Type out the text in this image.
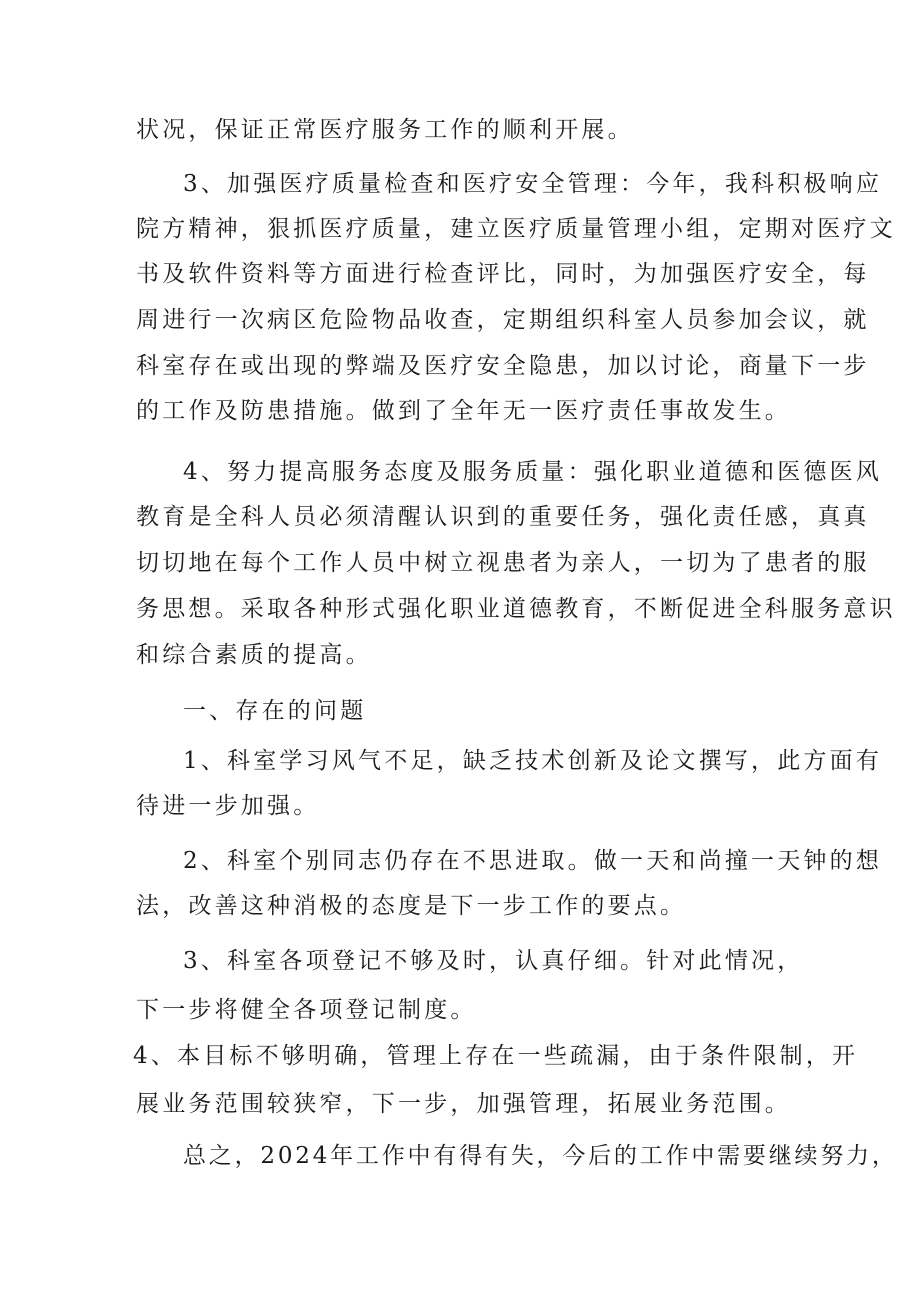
状况，保证正常医疗服务工作的顺利开展。
3、加强医疗质量检查和医疗安全管理：今年，我科积极响应
院方精神，狠抓医疗质量，建立医疗质量管理小组，定期对医疗文
书及软件资料等方面进行检查评比，同时，为加强医疗安全，每
周进行一次病区危险物品收查，定期组织科室人员参加会议，就
科室存在或出现的弊端及医疗安全隐患，加以讨论，商量下一步
的工作及防患措施。做到了全年无一医疗责任事故发生。
4、努力提高服务态度及服务质量：强化职业道德和医德医风
教育是全科人员必须清醒认识到的重要任务，强化责任感，真真
切切地在每个工作人员中树立视患者为亲人，一切为了患者的服
务思想。采取各种形式强化职业道德教育，不断促进全科服务意识
和综合素质的提高。
一、存在的问题
1、科室学习风气不足，缺乏技术创新及论文撰写，此方面有
待进一步加强。
2、科室个别同志仍存在不思进取。做一天和尚撞一天钟的想
法，改善这种消极的态度是下一步工作的要点。
3、科室各项登记不够及时，认真仔细。针对此情况，
下一步将健全各项登记制度。
4、本目标不够明确，管理上存在一些疏漏，由于条件限制，开
展业务范围较狭窄，下一步，加强管理，拓展业务范围。
总之，2024年工作中有得有失，今后的工作中需要继续努力，
